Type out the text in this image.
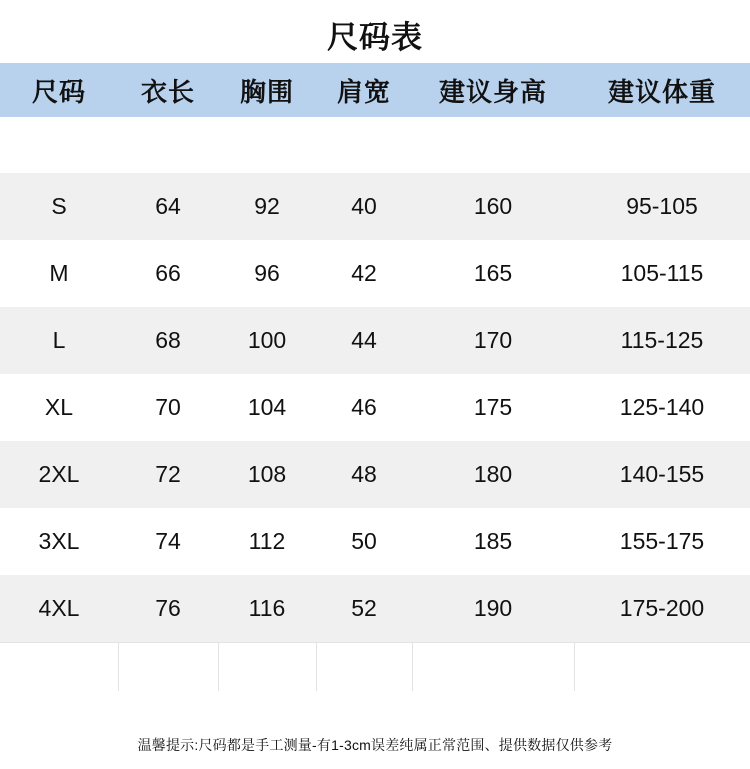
尺码表
尺码	衣长	胸围	肩宽	建议身高	建议体重

S	64	92	40	160	95-105
M	66	96	42	165	105-115
L	68	100	44	170	115-125
XL	70	104	46	175	125-140
2XL	72	108	48	180	140-155
3XL	74	112	50	185	155-175
4XL	76	116	52	190	175-200

温馨提示:尺码都是手工测量-有1-3cm误差纯属正常范围、提供数据仅供参考
